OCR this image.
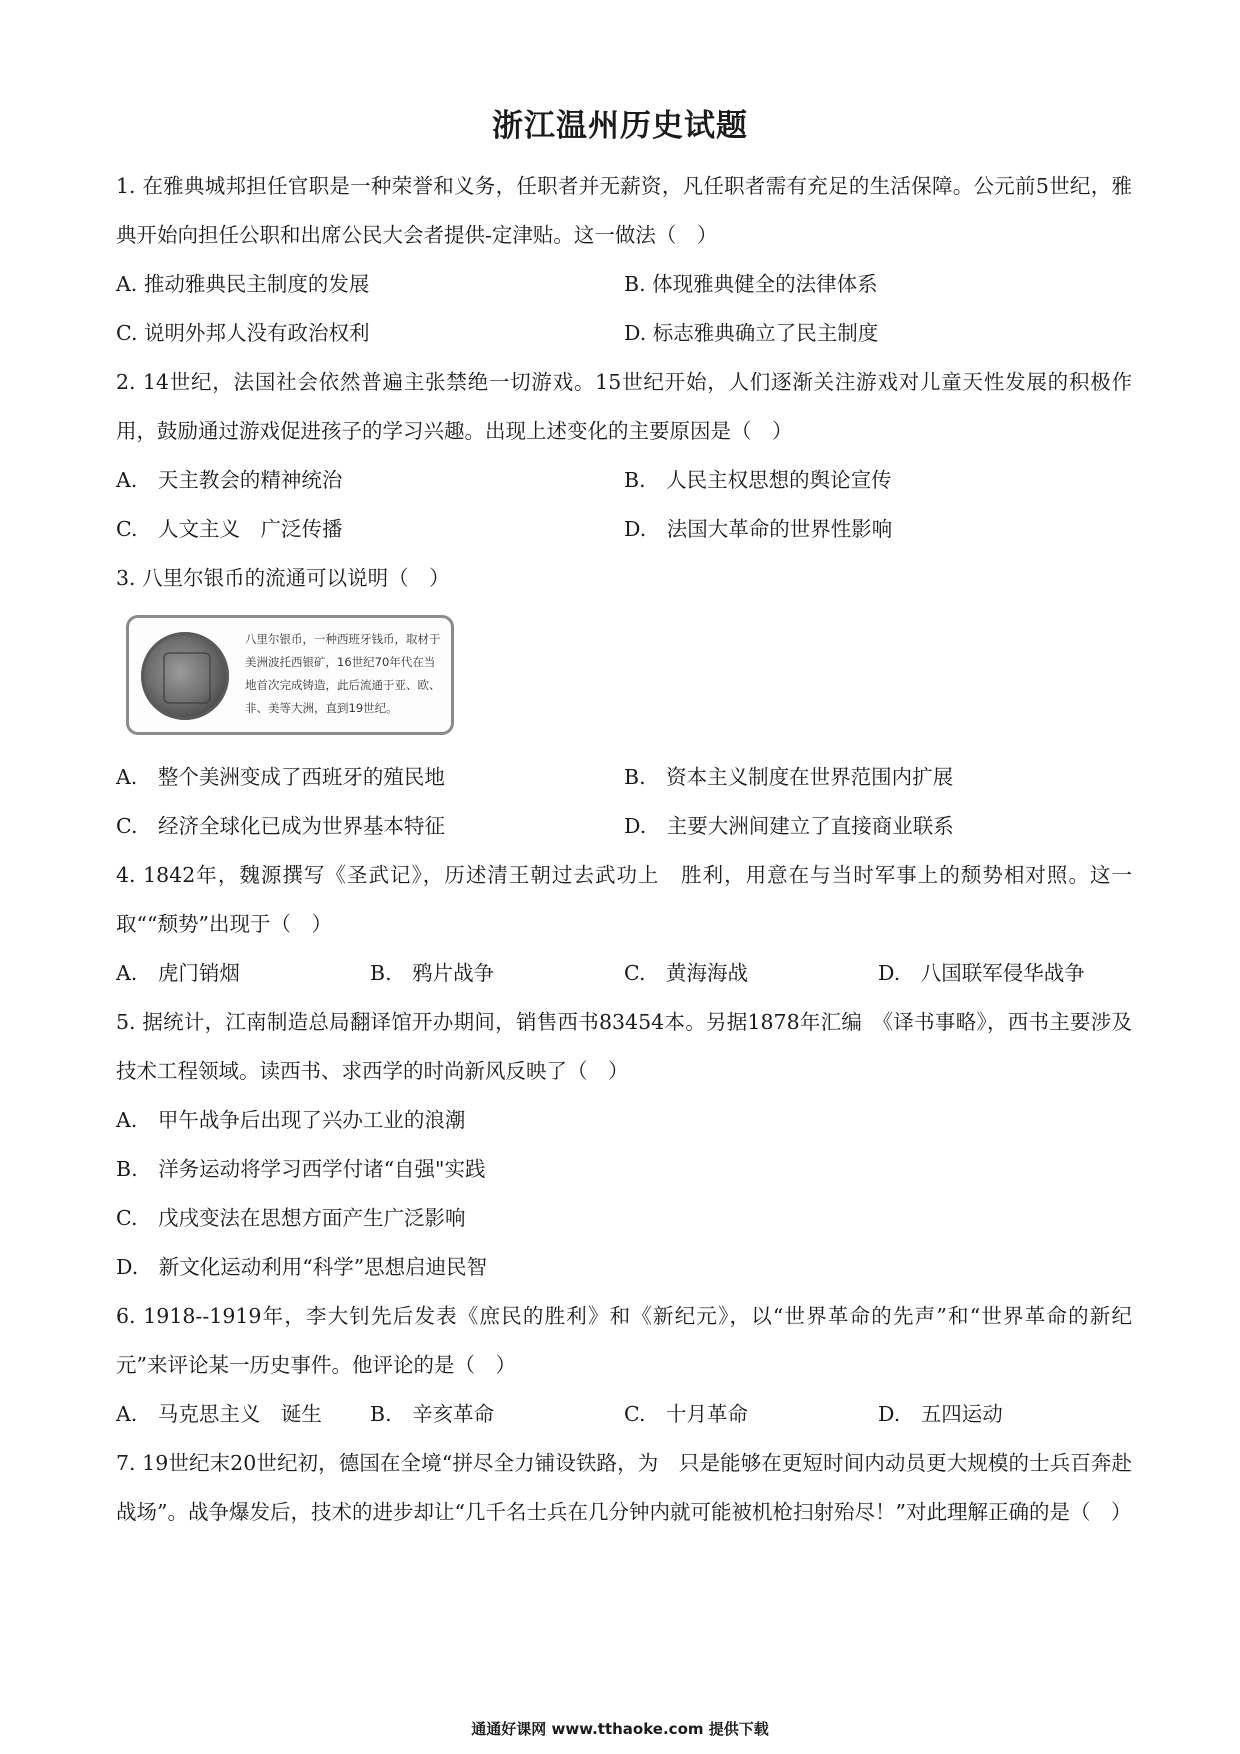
浙江温州历史试题

1. 在雅典城邦担任官职是一种荣誉和义务，任职者并无薪资，凡任职者需有充足的生活保障。公元前5世纪，雅典开始向担任公职和出席公民大会者提供-定津贴。这一做法（　）

A. 推动雅典民主制度的发展	B. 体现雅典健全的法律体系
C. 说明外邦人没有政治权利	D. 标志雅典确立了民主制度

2. 14世纪，法国社会依然普遍主张禁绝一切游戏。15世纪开始，人们逐渐关注游戏对儿童天性发展的积极作用，鼓励通过游戏促进孩子的学习兴趣。出现上述变化的主要原因是（　）

A.　天主教会的精神统治	B.　人民主权思想的舆论宣传
C.　人文主义　广泛传播	D.　法国大革命的世界性影响

3. 八里尔银币的流通可以说明（　）

八里尔银币，一种西班牙钱币，取材于美洲波托西银矿，16世纪70年代在当地首次完成铸造，此后流通于亚、欧、非、美等大洲，直到19世纪。
A.　整个美洲变成了西班牙的殖民地	B.　资本主义制度在世界范围内扩展
C.　经济全球化已成为世界基本特征	D.　主要大洲间建立了直接商业联系

4. 1842年，魏源撰写《圣武记》，历述清王朝过去武功上　胜利，用意在与当时军事上的颓势相对照。这一取““颓势”出现于（　）

A.　虎门销烟	B.　鸦片战争	C.　黄海海战	D.　八国联军侵华战争

5. 据统计，江南制造总局翻译馆开办期间，销售西书83454本。另据1878年汇编　《译书事略》，西书主要涉及技术工程领域。读西书、求西学的时尚新风反映了（　）

A.　甲午战争后出现了兴办工业的浪潮
B.　洋务运动将学习西学付诸“自强"实践
C.　戊戌变法在思想方面产生广泛影响
D.　新文化运动利用“科学”思想启迪民智

6. 1918--1919年，李大钊先后发表《庶民的胜利》和《新纪元》，以“世界革命的先声”和“世界革命的新纪元”来评论某一历史事件。他评论的是（　）

A.　马克思主义　诞生	B.　辛亥革命	C.　十月革命	D.　五四运动

7. 19世纪末20世纪初，德国在全境“拼尽全力铺设铁路，为　只是能够在更短时间内动员更大规模的士兵百奔赴战场”。战争爆发后，技术的进步却让“几千名士兵在几分钟内就可能被机枪扫射殆尽！”对此理解正确的是（　）

通通好课网 www.tthaoke.com 提供下载
